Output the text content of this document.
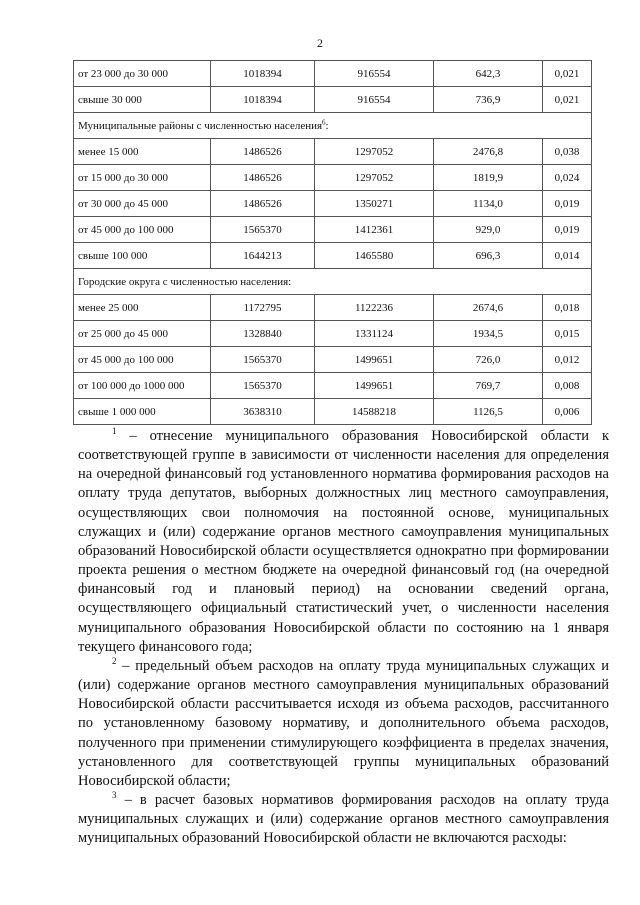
2
от 23 000 до 30 000	1018394	916554	642,3	0,021
свыше 30 000	1018394	916554	736,9	0,021
Муниципальные районы с численностью населения$^6$:				
менее 15 000	1486526	1297052	2476,8	0,038
от 15 000 до 30 000	1486526	1297052	1819,9	0,024
от 30 000 до 45 000	1486526	1350271	1134,0	0,019
от 45 000 до 100 000	1565370	1412361	929,0	0,019
свыше 100 000	1644213	1465580	696,3	0,014
Городские округа с численностью населения:				
менее 25 000	1172795	1122236	2674,6	0,018
от 25 000 до 45 000	1328840	1331124	1934,5	0,015
от 45 000 до 100 000	1565370	1499651	726,0	0,012
от 100 000 до 1000 000	1565370	1499651	769,7	0,008
свыше 1 000 000	3638310	14588218	1126,5	0,006

$^1$ – отнесение муниципального образования Новосибирской области к соответствующей группе в зависимости от численности населения для определения на очередной финансовый год установленного норматива формирования расходов на оплату труда депутатов, выборных должностных лиц местного самоуправления, осуществляющих свои полномочия на постоянной основе, муниципальных служащих и (или) содержание органов местного самоуправления муниципальных образований Новосибирской области осуществляется однократно при формировании проекта решения о местном бюджете на очередной финансовый год (на очередной финансовый год и плановый период) на основании сведений органа, осуществляющего официальный статистический учет, о численности населения муниципального образования Новосибирской области по состоянию на 1 января текущего финансового года;

$^2$ – предельный объем расходов на оплату труда муниципальных служащих и (или) содержание органов местного самоуправления муниципальных образований Новосибирской области рассчитывается исходя из объема расходов, рассчитанного по установленному базовому нормативу, и дополнительного объема расходов, полученного при применении стимулирующего коэффициента в пределах значения, установленного для соответствующей группы муниципальных образований Новосибирской области;

$^3$ – в расчет базовых нормативов формирования расходов на оплату труда муниципальных служащих и (или) содержание органов местного самоуправления муниципальных образований Новосибирской области не включаются расходы:
